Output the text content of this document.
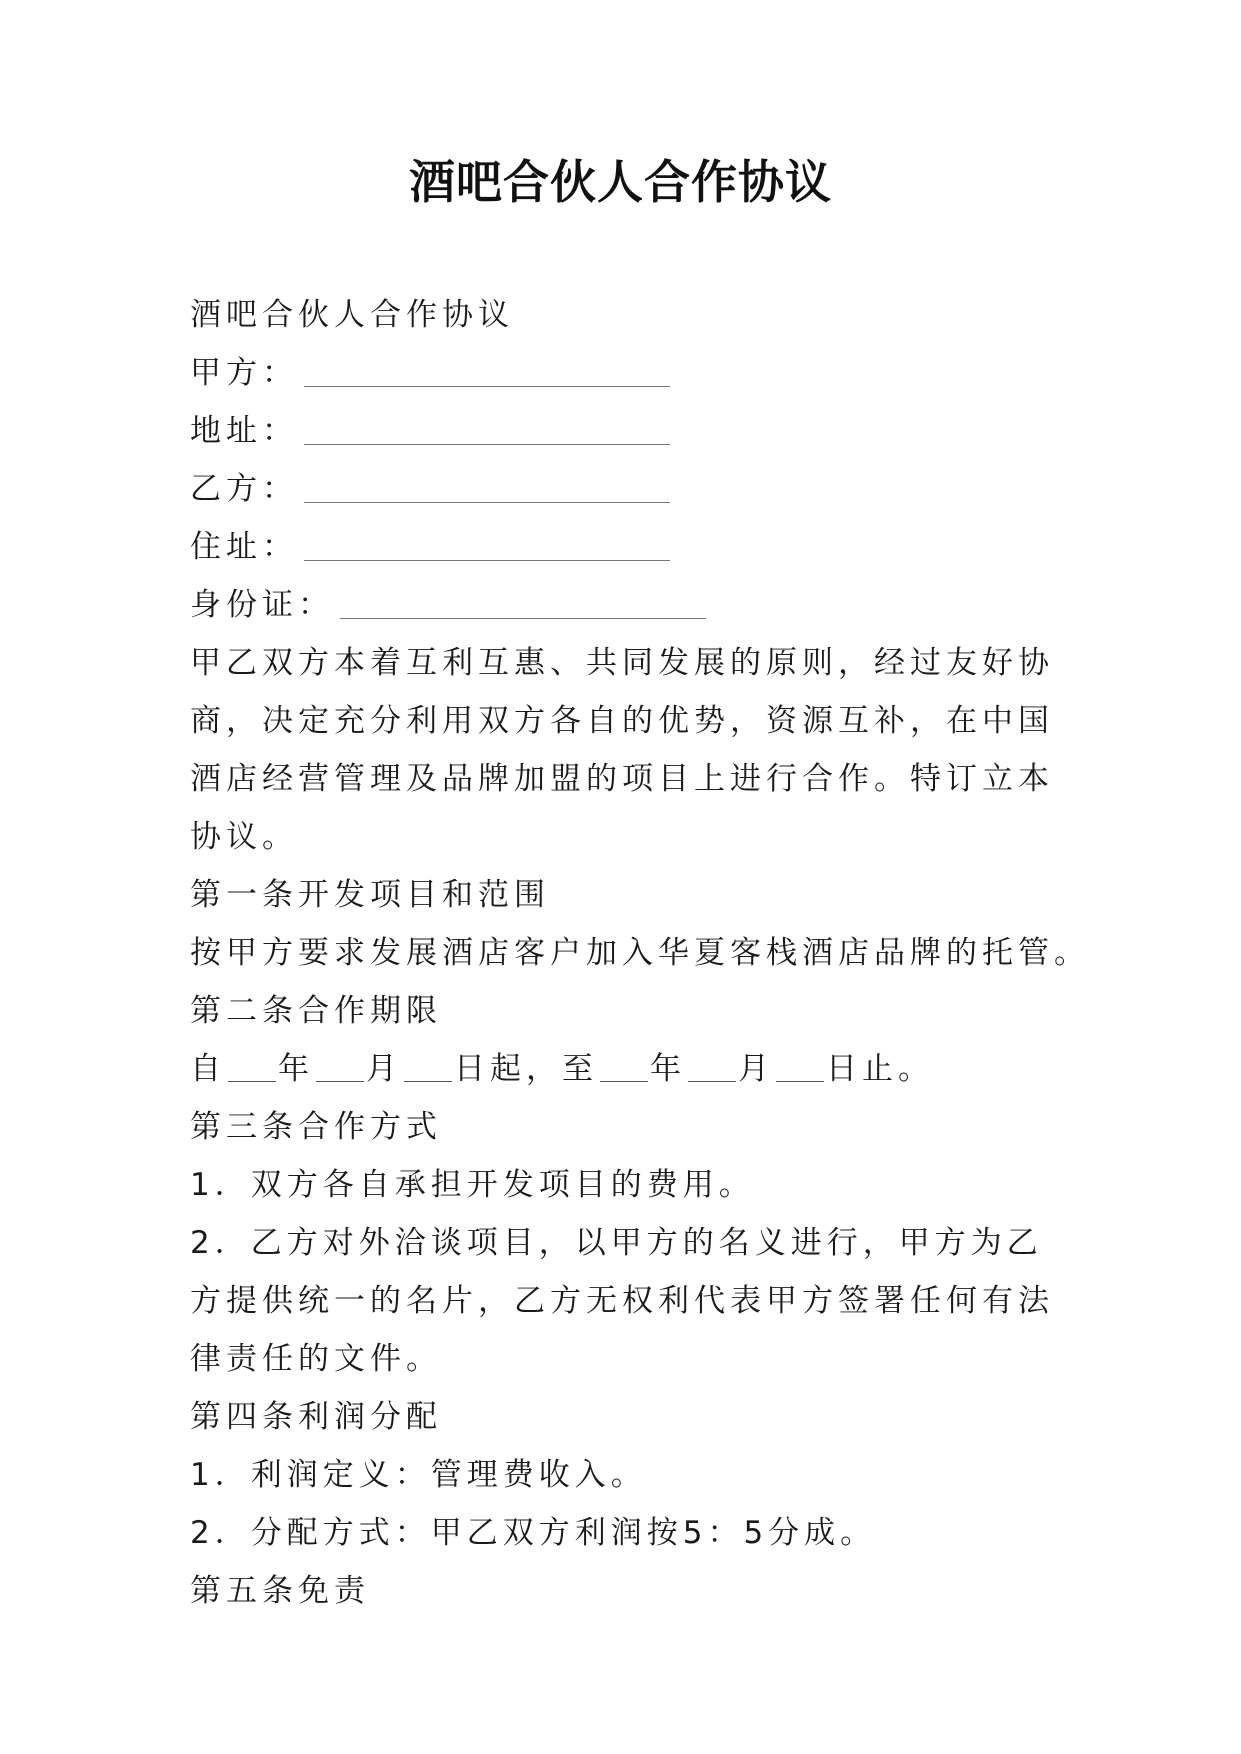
酒吧合伙人合作协议

酒吧合伙人合作协议

甲方：

地址：

乙方：

住址：

身份证：

甲乙双方本着互利互惠、共同发展的原则，经过友好协商，决定充分利用双方各自的优势，资源互补，在中国酒店经营管理及品牌加盟的项目上进行合作。特订立本协议。

第一条开发项目和范围

按甲方要求发展酒店客户加入华夏客栈酒店品牌的托管。

第二条合作期限

自 年 月 日起，至 年 月 日止。

第三条合作方式

1．双方各自承担开发项目的费用。

2．乙方对外洽谈项目，以甲方的名义进行，甲方为乙方提供统一的名片，乙方无权利代表甲方签署任何有法律责任的文件。

第四条利润分配

1．利润定义：管理费收入。

2．分配方式：甲乙双方利润按5：5分成。

第五条免责
